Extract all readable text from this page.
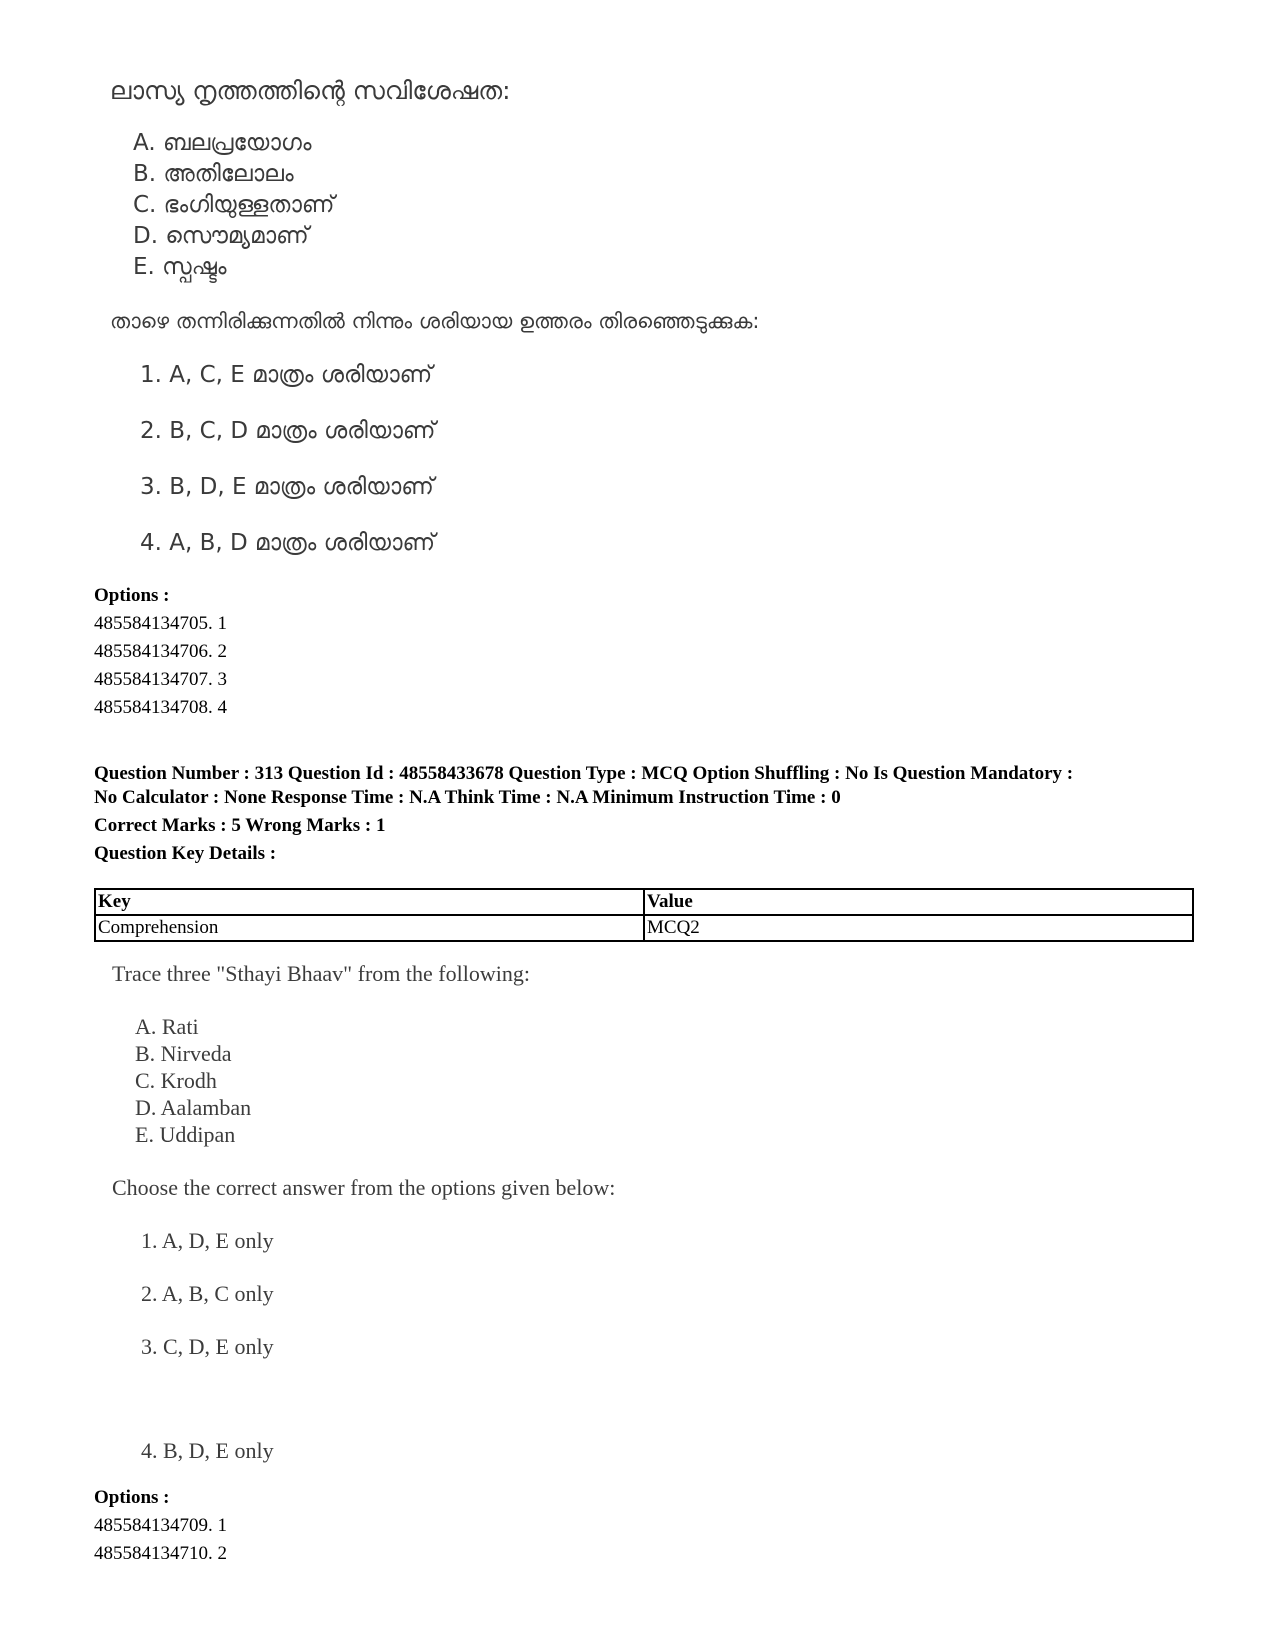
ലാസ്യ നൃത്തത്തിന്റെ സവിശേഷത:
A. ബലപ്രയോഗം
B. അതിലോലം
C. ഭംഗിയുള്ളതാണ്
D. സൌമ്യമാണ്
E. സ്പഷ്ടം
താഴെ തന്നിരിക്കുന്നതിൽ നിന്നും ശരിയായ ഉത്തരം തിരഞ്ഞെടുക്കുക:
1. A, C, E മാത്രം ശരിയാണ്
2. B, C, D മാത്രം ശരിയാണ്
3. B, D, E മാത്രം ശരിയാണ്
4. A, B, D മാത്രം ശരിയാണ്
Options :
485584134705. 1
485584134706. 2
485584134707. 3
485584134708. 4
Question Number : 313 Question Id : 48558433678 Question Type : MCQ Option Shuffling : No Is Question Mandatory :
No Calculator : None Response Time : N.A Think Time : N.A Minimum Instruction Time : 0
Correct Marks : 5 Wrong Marks : 1
Question Key Details :
Key	Value
Comprehension	MCQ2
Trace three "Sthayi Bhaav" from the following:
A. Rati
B. Nirveda
C. Krodh
D. Aalamban
E. Uddipan
Choose the correct answer from the options given below:
1. A, D, E only
2. A, B, C only
3. C, D, E only
4. B, D, E only
Options :
485584134709. 1
485584134710. 2
